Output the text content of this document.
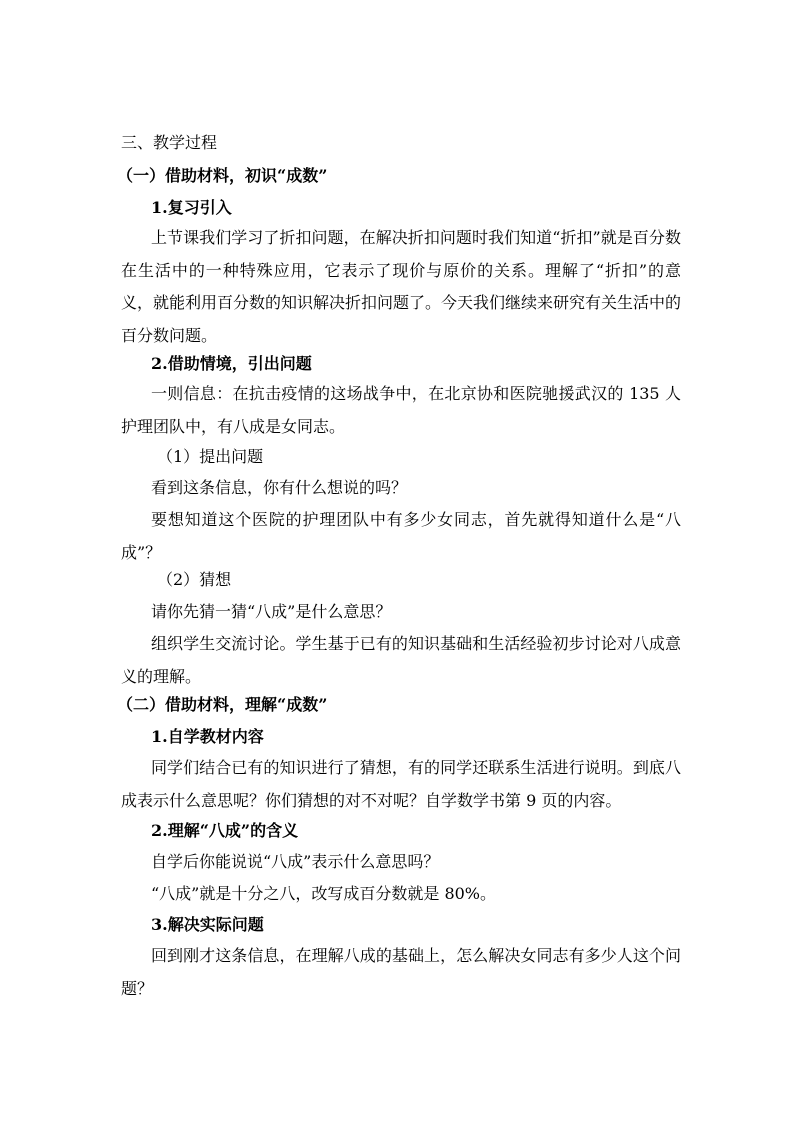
三、教学过程
（一）借助材料，初识“成数”
1.复习引入

上节课我们学习了折扣问题，在解决折扣问题时我们知道“折扣”就是百分数在生活中的一种特殊应用，它表示了现价与原价的关系。理解了“折扣”的意义，就能利用百分数的知识解决折扣问题了。今天我们继续来研究有关生活中的百分数问题。

2.借助情境，引出问题

一则信息：在抗击疫情的这场战争中，在北京协和医院驰援武汉的 135 人护理团队中，有八成是女同志。

（1）提出问题

看到这条信息，你有什么想说的吗？

要想知道这个医院的护理团队中有多少女同志，首先就得知道什么是“八成”？

（2）猜想

请你先猜一猜“八成”是什么意思？

组织学生交流讨论。学生基于已有的知识基础和生活经验初步讨论对八成意义的理解。

（二）借助材料，理解“成数”
1.自学教材内容

同学们结合已有的知识进行了猜想，有的同学还联系生活进行说明。到底八成表示什么意思呢？你们猜想的对不对呢？自学数学书第 9 页的内容。

2.理解“八成”的含义

自学后你能说说“八成”表示什么意思吗？

“八成”就是十分之八，改写成百分数就是 80%。

3.解决实际问题

回到刚才这条信息，在理解八成的基础上，怎么解决女同志有多少人这个问题？
